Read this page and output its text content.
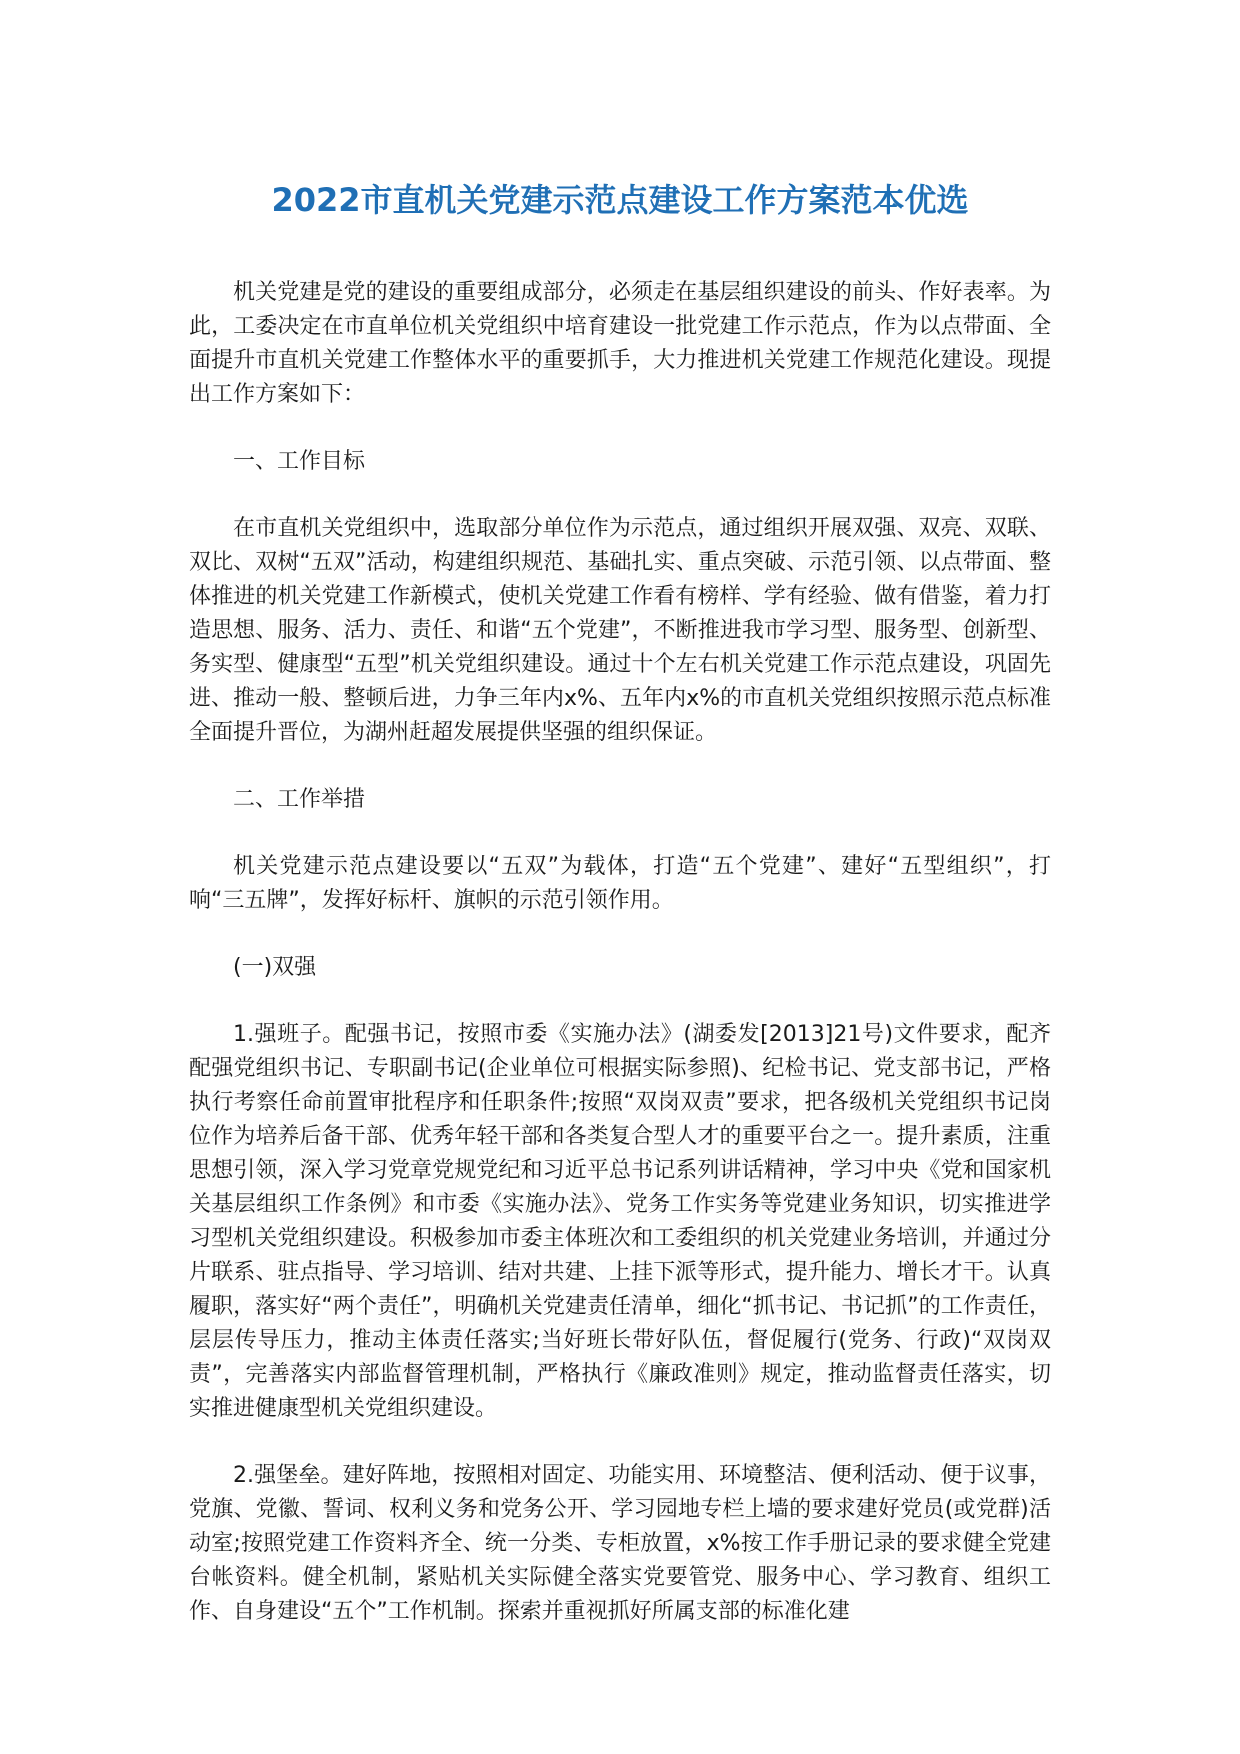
2022市直机关党建示范点建设工作方案范本优选

机关党建是党的建设的重要组成部分，必须走在基层组织建设的前头、作好表率。为此，工委决定在市直单位机关党组织中培育建设一批党建工作示范点，作为以点带面、全面提升市直机关党建工作整体水平的重要抓手，大力推进机关党建工作规范化建设。现提出工作方案如下：

一、工作目标

在市直机关党组织中，选取部分单位作为示范点，通过组织开展双强、双亮、双联、双比、双树“五双”活动，构建组织规范、基础扎实、重点突破、示范引领、以点带面、整体推进的机关党建工作新模式，使机关党建工作看有榜样、学有经验、做有借鉴，着力打造思想、服务、活力、责任、和谐“五个党建”，不断推进我市学习型、服务型、创新型、务实型、健康型“五型”机关党组织建设。通过十个左右机关党建工作示范点建设，巩固先进、推动一般、整顿后进，力争三年内x%、五年内x%的市直机关党组织按照示范点标准全面提升晋位，为湖州赶超发展提供坚强的组织保证。

二、工作举措

机关党建示范点建设要以“五双”为载体，打造“五个党建”、建好“五型组织”，打响“三五牌”，发挥好标杆、旗帜的示范引领作用。

(一)双强

1.强班子。配强书记，按照市委《实施办法》(湖委发[2013]21号)文件要求，配齐配强党组织书记、专职副书记(企业单位可根据实际参照)、纪检书记、党支部书记，严格执行考察任命前置审批程序和任职条件;按照“双岗双责”要求，把各级机关党组织书记岗位作为培养后备干部、优秀年轻干部和各类复合型人才的重要平台之一。提升素质，注重思想引领，深入学习党章党规党纪和习近平总书记系列讲话精神，学习中央《党和国家机关基层组织工作条例》和市委《实施办法》、党务工作实务等党建业务知识，切实推进学习型机关党组织建设。积极参加市委主体班次和工委组织的机关党建业务培训，并通过分片联系、驻点指导、学习培训、结对共建、上挂下派等形式，提升能力、增长才干。认真履职，落实好“两个责任”，明确机关党建责任清单，细化“抓书记、书记抓”的工作责任，层层传导压力，推动主体责任落实;当好班长带好队伍，督促履行(党务、行政)“双岗双责”，完善落实内部监督管理机制，严格执行《廉政准则》规定，推动监督责任落实，切实推进健康型机关党组织建设。

2.强堡垒。建好阵地，按照相对固定、功能实用、环境整洁、便利活动、便于议事，党旗、党徽、誓词、权利义务和党务公开、学习园地专栏上墙的要求建好党员(或党群)活动室;按照党建工作资料齐全、统一分类、专柜放置，x%按工作手册记录的要求健全党建台帐资料。健全机制，紧贴机关实际健全落实党要管党、服务中心、学习教育、组织工作、自身建设“五个”工作机制。探索并重视抓好所属支部的标准化建
